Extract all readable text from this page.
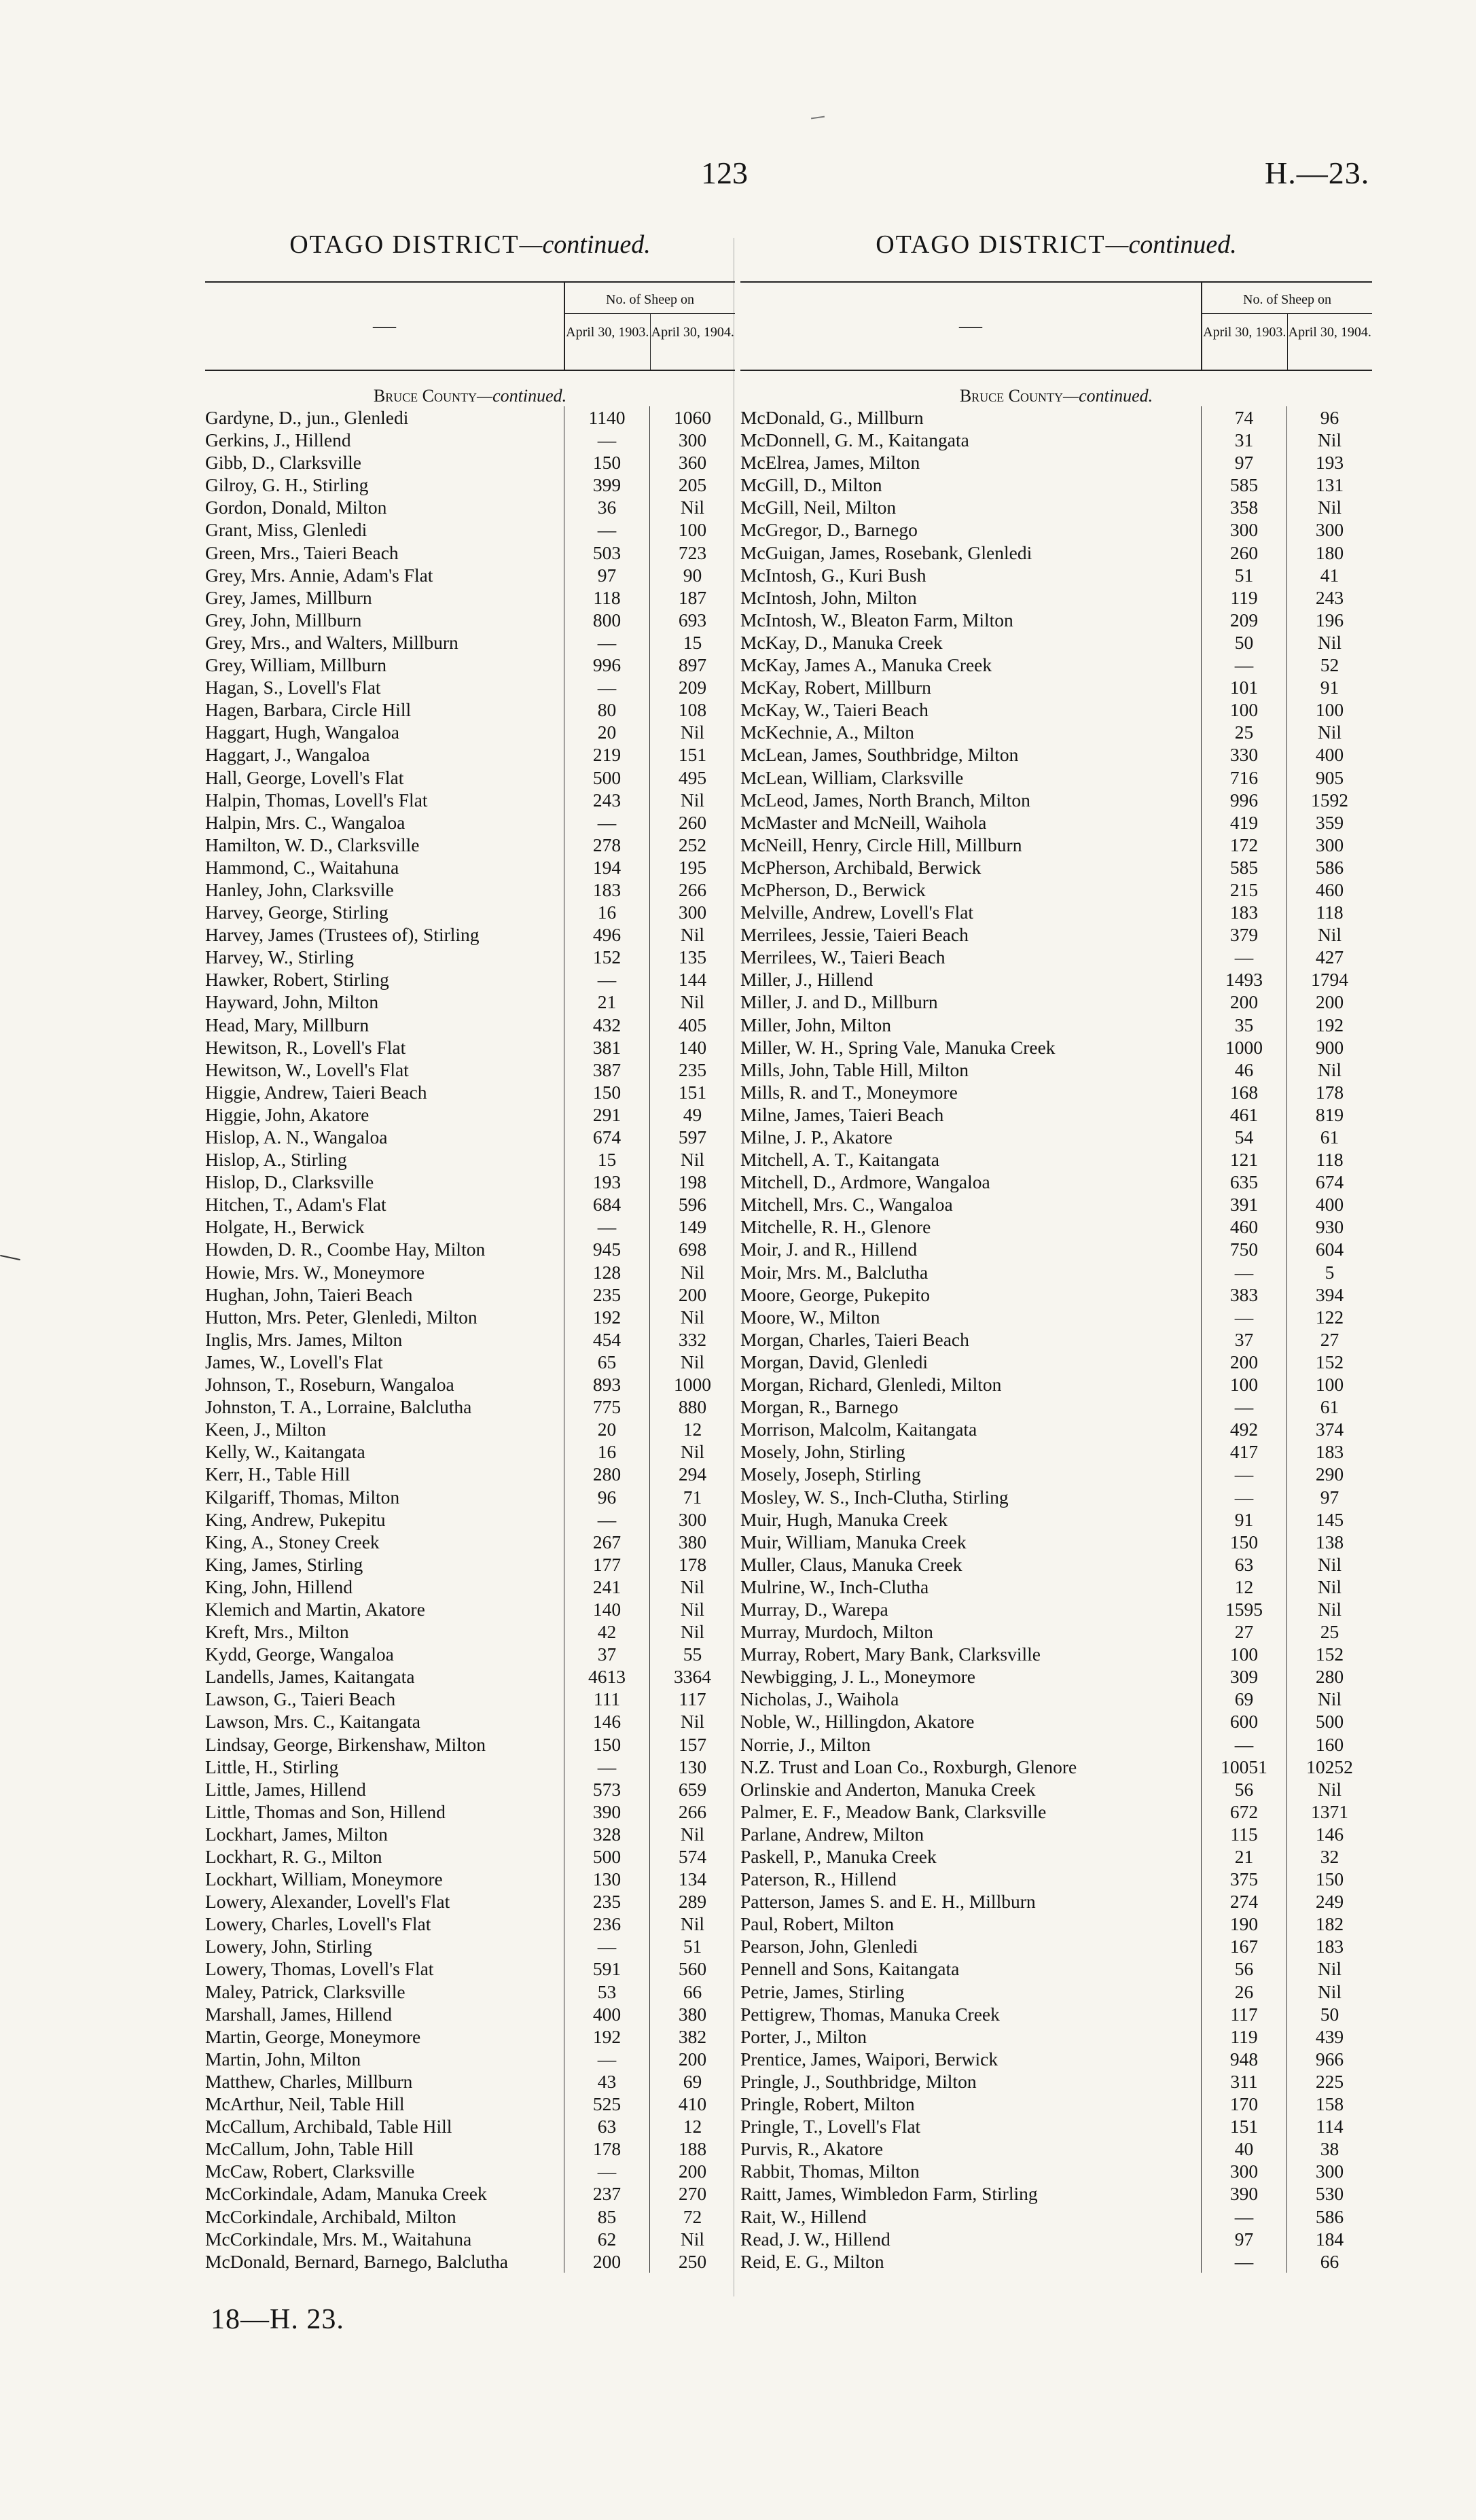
123	H.—23.
OTAGO DISTRICT—continued.
—
No. of Sheep on
April 30, 1903. April 30, 1904.
Bruce County—continued.
Gardyne, D., jun., Glenledi	1140	1060
Gerkins, J., Hillend	—	300
Gibb, D., Clarksville	150	360
Gilroy, G. H., Stirling	399	205
Gordon, Donald, Milton	36	Nil
Grant, Miss, Glenledi	—	100
Green, Mrs., Taieri Beach	503	723
Grey, Mrs. Annie, Adam's Flat	97	90
Grey, James, Millburn	118	187
Grey, John, Millburn	800	693
Grey, Mrs., and Walters, Millburn	—	15
Grey, William, Millburn	996	897
Hagan, S., Lovell's Flat	—	209
Hagen, Barbara, Circle Hill	80	108
Haggart, Hugh, Wangaloa	20	Nil
Haggart, J., Wangaloa	219	151
Hall, George, Lovell's Flat	500	495
Halpin, Thomas, Lovell's Flat	243	Nil
Halpin, Mrs. C., Wangaloa	—	260
Hamilton, W. D., Clarksville	278	252
Hammond, C., Waitahuna	194	195
Hanley, John, Clarksville	183	266
Harvey, George, Stirling	16	300
Harvey, James (Trustees of), Stirling	496	Nil
Harvey, W., Stirling	152	135
Hawker, Robert, Stirling	—	144
Hayward, John, Milton	21	Nil
Head, Mary, Millburn	432	405
Hewitson, R., Lovell's Flat	381	140
Hewitson, W., Lovell's Flat	387	235
Higgie, Andrew, Taieri Beach	150	151
Higgie, John, Akatore	291	49
Hislop, A. N., Wangaloa	674	597
Hislop, A., Stirling	15	Nil
Hislop, D., Clarksville	193	198
Hitchen, T., Adam's Flat	684	596
Holgate, H., Berwick	—	149
Howden, D. R., Coombe Hay, Milton	945	698
Howie, Mrs. W., Moneymore	128	Nil
Hughan, John, Taieri Beach	235	200
Hutton, Mrs. Peter, Glenledi, Milton	192	Nil
Inglis, Mrs. James, Milton	454	332
James, W., Lovell's Flat	65	Nil
Johnson, T., Roseburn, Wangaloa	893	1000
Johnston, T. A., Lorraine, Balclutha	775	880
Keen, J., Milton	20	12
Kelly, W., Kaitangata	16	Nil
Kerr, H., Table Hill	280	294
Kilgariff, Thomas, Milton	96	71
King, Andrew, Pukepitu	—	300
King, A., Stoney Creek	267	380
King, James, Stirling	177	178
King, John, Hillend	241	Nil
Klemich and Martin, Akatore	140	Nil
Kreft, Mrs., Milton	42	Nil
Kydd, George, Wangaloa	37	55
Landells, James, Kaitangata	4613	3364
Lawson, G., Taieri Beach	111	117
Lawson, Mrs. C., Kaitangata	146	Nil
Lindsay, George, Birkenshaw, Milton	150	157
Little, H., Stirling	—	130
Little, James, Hillend	573	659
Little, Thomas and Son, Hillend	390	266
Lockhart, James, Milton	328	Nil
Lockhart, R. G., Milton	500	574
Lockhart, William, Moneymore	130	134
Lowery, Alexander, Lovell's Flat	235	289
Lowery, Charles, Lovell's Flat	236	Nil
Lowery, John, Stirling	—	51
Lowery, Thomas, Lovell's Flat	591	560
Maley, Patrick, Clarksville	53	66
Marshall, James, Hillend	400	380
Martin, George, Moneymore	192	382
Martin, John, Milton	—	200
Matthew, Charles, Millburn	43	69
McArthur, Neil, Table Hill	525	410
McCallum, Archibald, Table Hill	63	12
McCallum, John, Table Hill	178	188
McCaw, Robert, Clarksville	—	200
McCorkindale, Adam, Manuka Creek	237	270
McCorkindale, Archibald, Milton	85	72
McCorkindale, Mrs. M., Waitahuna	62	Nil
McDonald, Bernard, Barnego, Balclutha	200	250
OTAGO DISTRICT—continued.
—
No. of Sheep on
April 30, 1903. April 30, 1904.
Bruce County—continued.
McDonald, G., Millburn	74	96
McDonnell, G. M., Kaitangata	31	Nil
McElrea, James, Milton	97	193
McGill, D., Milton	585	131
McGill, Neil, Milton	358	Nil
McGregor, D., Barnego	300	300
McGuigan, James, Rosebank, Glenledi	260	180
McIntosh, G., Kuri Bush	51	41
McIntosh, John, Milton	119	243
McIntosh, W., Bleaton Farm, Milton	209	196
McKay, D., Manuka Creek	50	Nil
McKay, James A., Manuka Creek	—	52
McKay, Robert, Millburn	101	91
McKay, W., Taieri Beach	100	100
McKechnie, A., Milton	25	Nil
McLean, James, Southbridge, Milton	330	400
McLean, William, Clarksville	716	905
McLeod, James, North Branch, Milton	996	1592
McMaster and McNeill, Waihola	419	359
McNeill, Henry, Circle Hill, Millburn	172	300
McPherson, Archibald, Berwick	585	586
McPherson, D., Berwick	215	460
Melville, Andrew, Lovell's Flat	183	118
Merrilees, Jessie, Taieri Beach	379	Nil
Merrilees, W., Taieri Beach	—	427
Miller, J., Hillend	1493	1794
Miller, J. and D., Millburn	200	200
Miller, John, Milton	35	192
Miller, W. H., Spring Vale, Manuka Creek	1000	900
Mills, John, Table Hill, Milton	46	Nil
Mills, R. and T., Moneymore	168	178
Milne, James, Taieri Beach	461	819
Milne, J. P., Akatore	54	61
Mitchell, A. T., Kaitangata	121	118
Mitchell, D., Ardmore, Wangaloa	635	674
Mitchell, Mrs. C., Wangaloa	391	400
Mitchelle, R. H., Glenore	460	930
Moir, J. and R., Hillend	750	604
Moir, Mrs. M., Balclutha	—	5
Moore, George, Pukepito	383	394
Moore, W., Milton	—	122
Morgan, Charles, Taieri Beach	37	27
Morgan, David, Glenledi	200	152
Morgan, Richard, Glenledi, Milton	100	100
Morgan, R., Barnego	—	61
Morrison, Malcolm, Kaitangata	492	374
Mosely, John, Stirling	417	183
Mosely, Joseph, Stirling	—	290
Mosley, W. S., Inch-Clutha, Stirling	—	97
Muir, Hugh, Manuka Creek	91	145
Muir, William, Manuka Creek	150	138
Muller, Claus, Manuka Creek	63	Nil
Mulrine, W., Inch-Clutha	12	Nil
Murray, D., Warepa	1595	Nil
Murray, Murdoch, Milton	27	25
Murray, Robert, Mary Bank, Clarksville	100	152
Newbigging, J. L., Moneymore	309	280
Nicholas, J., Waihola	69	Nil
Noble, W., Hillingdon, Akatore	600	500
Norrie, J., Milton	—	160
N.Z. Trust and Loan Co., Roxburgh, Glenore	10051	10252
Orlinskie and Anderton, Manuka Creek	56	Nil
Palmer, E. F., Meadow Bank, Clarksville	672	1371
Parlane, Andrew, Milton	115	146
Paskell, P., Manuka Creek	21	32
Paterson, R., Hillend	375	150
Patterson, James S. and E. H., Millburn	274	249
Paul, Robert, Milton	190	182
Pearson, John, Glenledi	167	183
Pennell and Sons, Kaitangata	56	Nil
Petrie, James, Stirling	26	Nil
Pettigrew, Thomas, Manuka Creek	117	50
Porter, J., Milton	119	439
Prentice, James, Waipori, Berwick	948	966
Pringle, J., Southbridge, Milton	311	225
Pringle, Robert, Milton	170	158
Pringle, T., Lovell's Flat	151	114
Purvis, R., Akatore	40	38
Rabbit, Thomas, Milton	300	300
Raitt, James, Wimbledon Farm, Stirling	390	530
Rait, W., Hillend	—	586
Read, J. W., Hillend	97	184
Reid, E. G., Milton	—	66
18—H. 23.
